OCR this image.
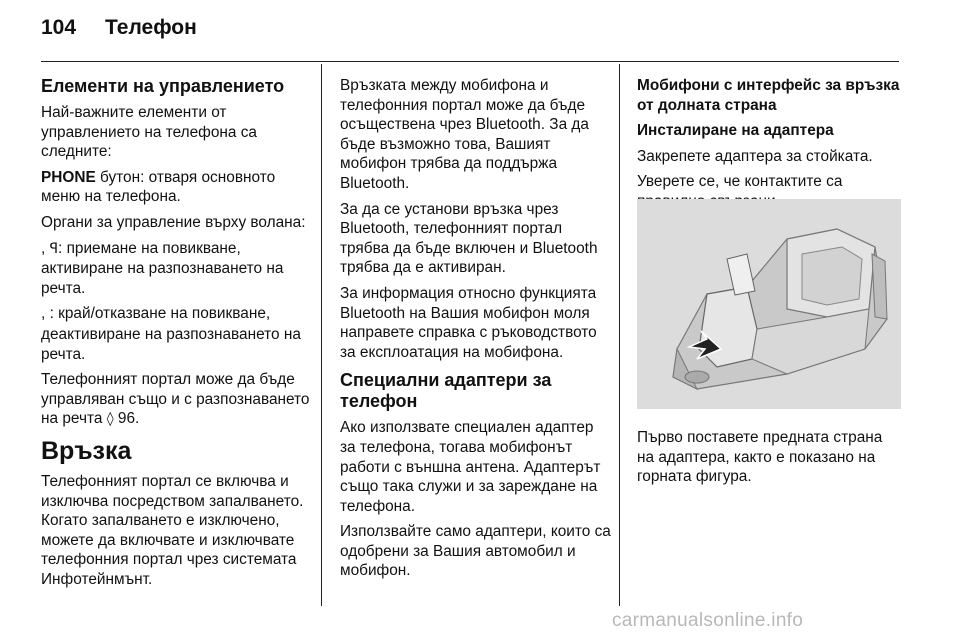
104 Телефон

Елементи на управлението

Най-важните елементи от управлението на телефона са следните:

PHONE бутон: отваря основното меню на телефона.

Органи за управление върху волана:

, ꟼ: приемане на повикване, активиране на разпознаването на речта.

, : край/отказване на повикване, деактивиране на разпознаването на речта.

Телефонният портал може да бъде управляван също и с разпознаването на речта ◊ 96.

Връзка

Телефонният портал се включва и изключва посредством запалването. Когато запалването е изключено, можете да включвате и изключвате телефонния портал чрез системата Инфотейнмънт.

Връзката между мобифона и телефонния портал може да бъде осъществена чрез Bluetooth. За да бъде възможно това, Вашият мобифон трябва да поддържа Bluetooth.

За да се установи връзка чрез Bluetooth, телефонният портал трябва да бъде включен и Bluetooth трябва да е активиран.

За информация относно функцията Bluetooth на Вашия мобифон моля направете справка с ръководството за експлоатация на мобифона.

Специални адаптери за телефон

Ако използвате специален адаптер за телефона, тогава мобифонът работи с външна антена. Адаптерът също така служи и за зареждане на телефона.

Използвайте само адаптери, които са одобрени за Вашия автомобил и мобифон.

Мобифони с интерфейс за връзка от долната страна

Инсталиране на адаптера

Закрепете адаптера за стойката.

Уверете се, че контактите са

Първо поставете предната страна на адаптера, както е показано на горната фигура.

carmanualsonline.info
